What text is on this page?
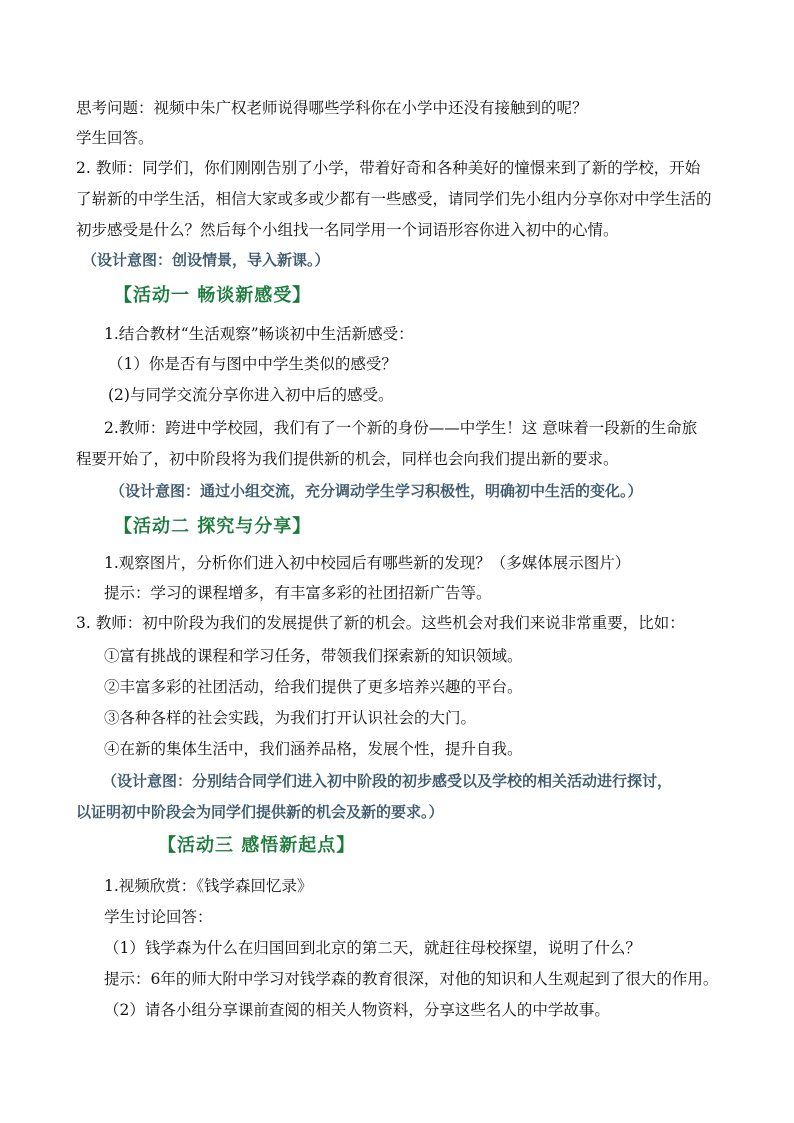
思考问题：视频中朱广权老师说得哪些学科你在小学中还没有接触到的呢？
学生回答。
2. 教师：同学们，你们刚刚告别了小学，带着好奇和各种美好的憧憬来到了新的学校，开始
了崭新的中学生活，相信大家或多或少都有一些感受，请同学们先小组内分享你对中学生活的
初步感受是什么？然后每个小组找一名同学用一个词语形容你进入初中的心情。
（设计意图：创设情景，导入新课。）
【活动一 畅谈新感受】
1.结合教材“生活观察”畅谈初中生活新感受：
（1）你是否有与图中中学生类似的感受？
(2)与同学交流分享你进入初中后的感受。
2.教师：跨进中学校园，我们有了一个新的身份——中学生！这 意味着一段新的生命旅
程要开始了，初中阶段将为我们提供新的机会，同样也会向我们提出新的要求。
（设计意图：通过小组交流，充分调动学生学习积极性，明确初中生活的变化。）
【活动二 探究与分享】
1.观察图片，分析你们进入初中校园后有哪些新的发现？（多媒体展示图片）
提示：学习的课程增多，有丰富多彩的社团招新广告等。
3. 教师：初中阶段为我们的发展提供了新的机会。这些机会对我们来说非常重要，比如：
①富有挑战的课程和学习任务，带领我们探索新的知识领域。
②丰富多彩的社团活动，给我们提供了更多培养兴趣的平台。
③各种各样的社会实践，为我们打开认识社会的大门。
④在新的集体生活中，我们涵养品格，发展个性，提升自我。
（设计意图：分别结合同学们进入初中阶段的初步感受以及学校的相关活动进行探讨，
以证明初中阶段会为同学们提供新的机会及新的要求。）
【活动三 感悟新起点】
1.视频欣赏：《钱学森回忆录》
学生讨论回答：
（1）钱学森为什么在归国回到北京的第二天，就赶往母校探望，说明了什么？
提示：6年的师大附中学习对钱学森的教育很深，对他的知识和人生观起到了很大的作用。
（2）请各小组分享课前查阅的相关人物资料，分享这些名人的中学故事。
